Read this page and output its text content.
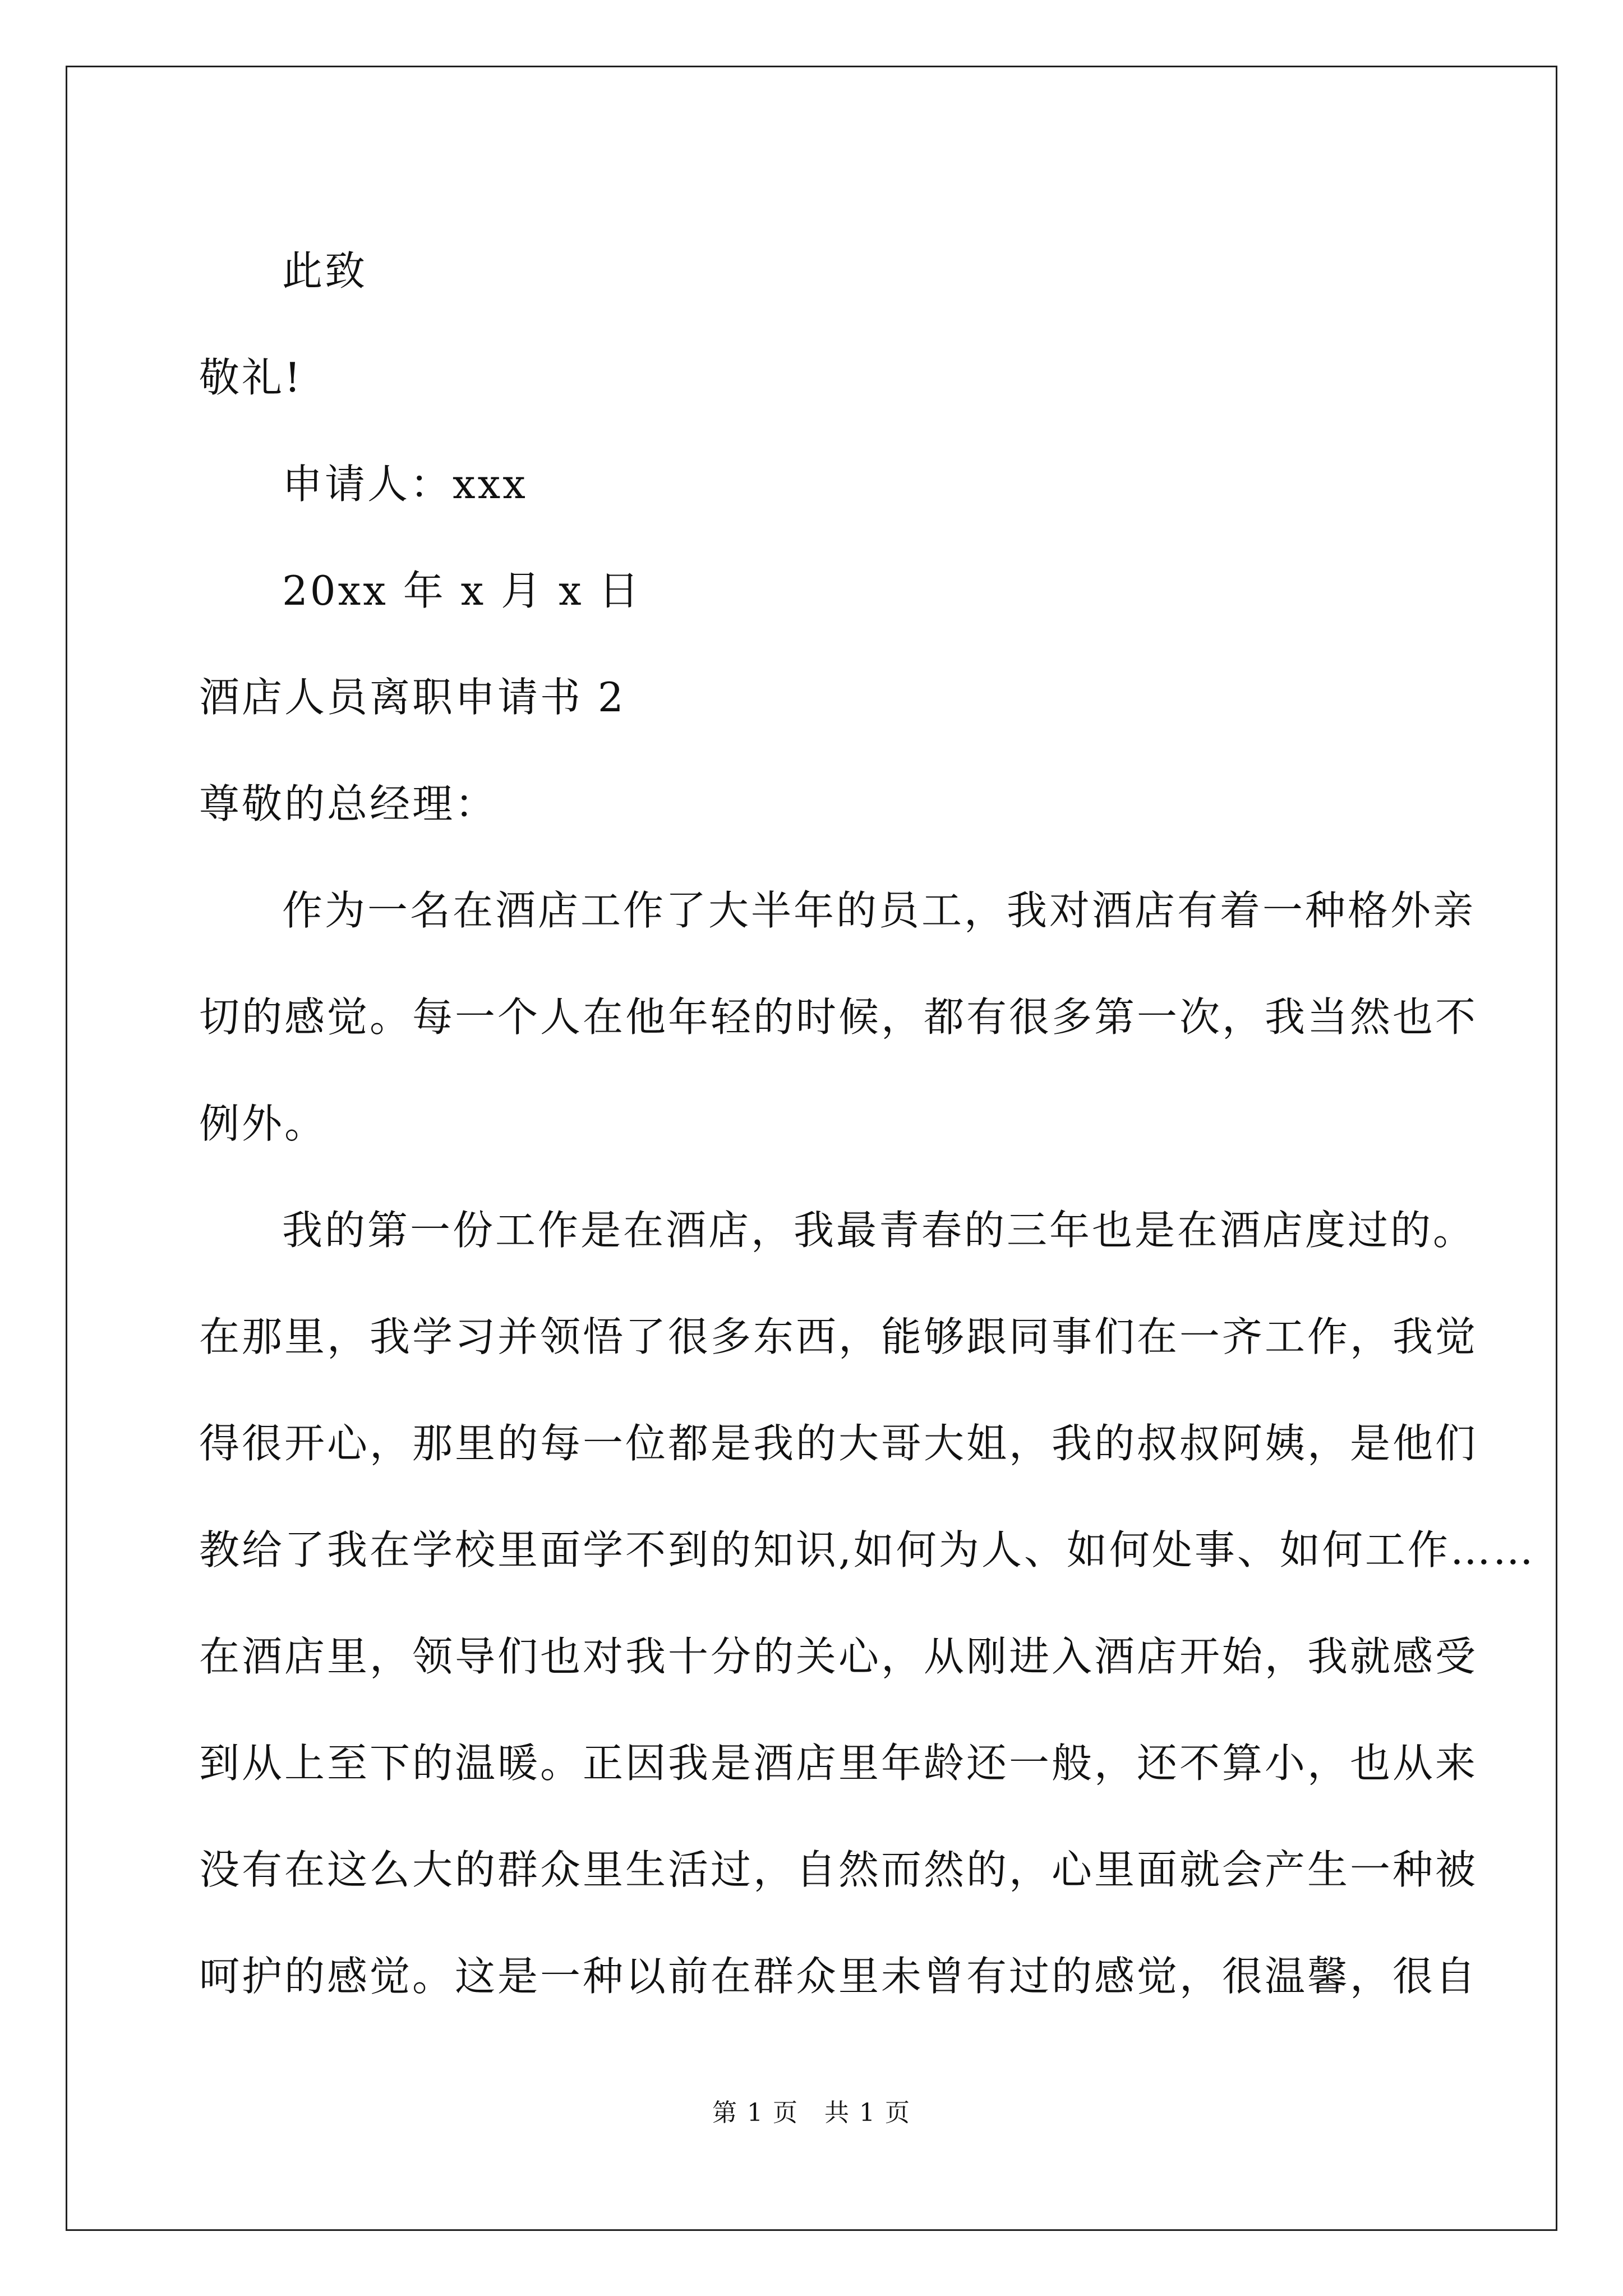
此致
敬礼!
申请人：xxx
20xx 年 x 月 x 日
酒店人员离职申请书 2
尊敬的总经理：
作为一名在酒店工作了大半年的员工，我对酒店有着一种格外亲
切的感觉。每一个人在他年轻的时候，都有很多第一次，我当然也不
例外。
我的第一份工作是在酒店，我最青春的三年也是在酒店度过的。
在那里，我学习并领悟了很多东西，能够跟同事们在一齐工作，我觉
得很开心，那里的每一位都是我的大哥大姐，我的叔叔阿姨，是他们
教给了我在学校里面学不到的知识,如何为人、如何处事、如何工作……
在酒店里，领导们也对我十分的关心，从刚进入酒店开始，我就感受
到从上至下的温暖。正因我是酒店里年龄还一般，还不算小，也从来
没有在这么大的群众里生活过，自然而然的，心里面就会产生一种被
呵护的感觉。这是一种以前在群众里未曾有过的感觉，很温馨，很自
第 1 页　共 1 页
